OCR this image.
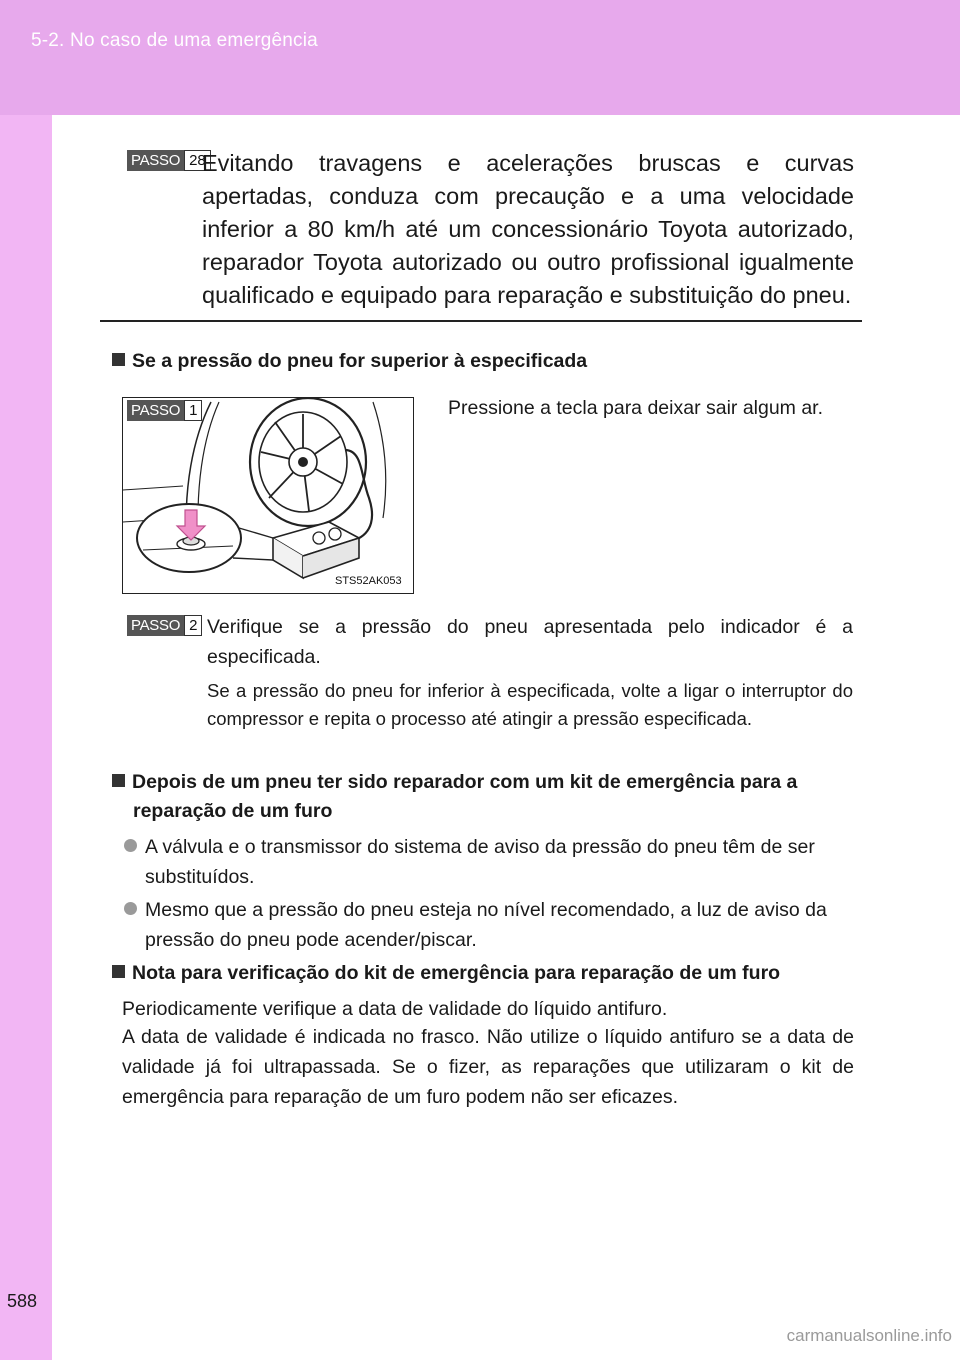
5-2. No caso de uma emergência
PASSO 28
Evitando travagens e acelerações bruscas e curvas apertadas, conduza com precaução e a uma velocidade inferior a 80 km/h até um concessionário Toyota autorizado, reparador Toyota autorizado ou outro profissional igualmente qualificado e equipado para reparação e substituição do pneu.
Se a pressão do pneu for superior à especificada
STS52AK053
PASSO 1	Pressione a tecla para deixar sair algum ar.
PASSO 2 Verifique se a pressão do pneu apresentada pelo indicador é a especificada.
Se a pressão do pneu for inferior à especificada, volte a ligar o interruptor do compressor e repita o processo até atingir a pressão especificada.
Depois de um pneu ter sido reparador com um kit de emergência para a reparação de um furo
A válvula e o transmissor do sistema de aviso da pressão do pneu têm de ser substituídos.
Mesmo que a pressão do pneu esteja no nível recomendado, a luz de aviso da pressão do pneu pode acender/piscar.
Nota para verificação do kit de emergência para reparação de um furo
Periodicamente verifique a data de validade do líquido antifuro.
A data de validade é indicada no frasco. Não utilize o líquido antifuro se a data de validade já foi ultrapassada. Se o fizer, as reparações que utilizaram o kit de emergência para reparação de um furo podem não ser eficazes.
588
carmanualsonline.info
